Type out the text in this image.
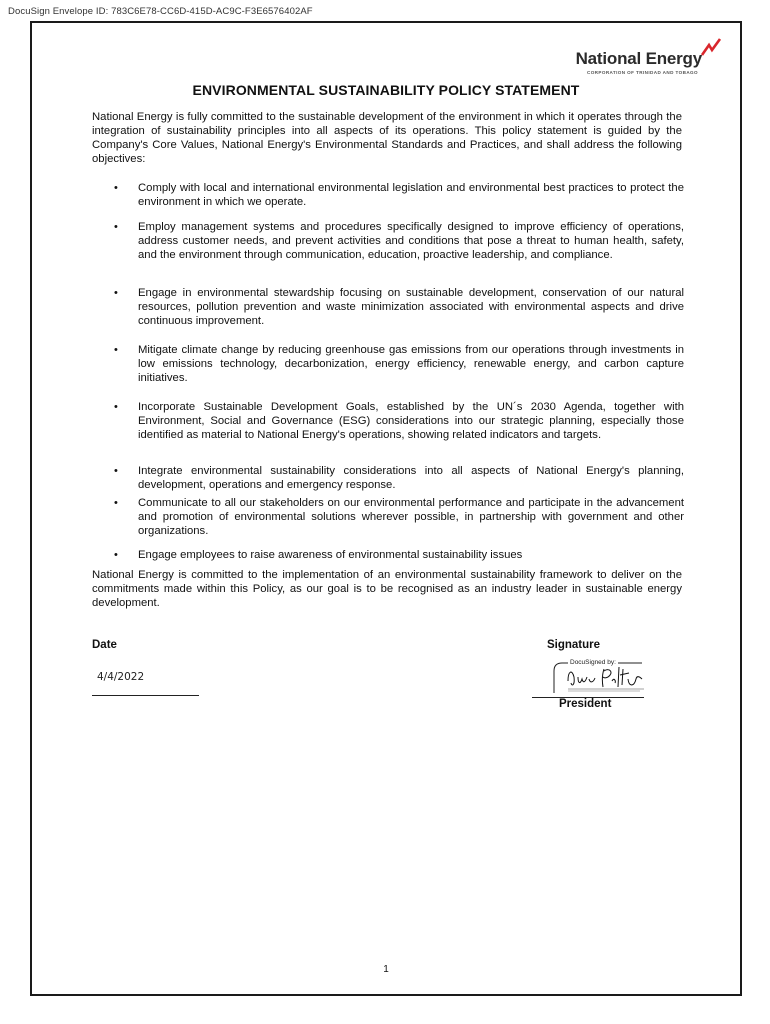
DocuSign Envelope ID: 783C6E78-CC6D-415D-AC9C-F3E6576402AF
National Energy
CORPORATION OF TRINIDAD AND TOBAGO
ENVIRONMENTAL SUSTAINABILITY POLICY STATEMENT

National Energy is fully committed to the sustainable development of the environment in which it operates through the integration of sustainability principles into all aspects of its operations. This policy statement is guided by the Company's Core Values, National Energy's Environmental Standards and Practices, and shall address the following objectives:

• Comply with local and international environmental legislation and environmental best practices to protect the environment in which we operate.
• Employ management systems and procedures specifically designed to improve efficiency of operations, address customer needs, and prevent activities and conditions that pose a threat to human health, safety, and the environment through communication, education, proactive leadership, and compliance.
• Engage in environmental stewardship focusing on sustainable development, conservation of our natural resources, pollution prevention and waste minimization associated with environmental aspects and drive continuous improvement.
• Mitigate climate change by reducing greenhouse gas emissions from our operations through investments in low emissions technology, decarbonization, energy efficiency, renewable energy, and carbon capture initiatives.
• Incorporate Sustainable Development Goals, established by the UN´s 2030 Agenda, together with Environment, Social and Governance (ESG) considerations into our strategic planning, especially those identified as material to National Energy's operations, showing related indicators and targets.
• Integrate environmental sustainability considerations into all aspects of National Energy's planning, development, operations and emergency response.
• Communicate to all our stakeholders on our environmental performance and participate in the advancement and promotion of environmental solutions wherever possible, in partnership with government and other organizations.
• Engage employees to raise awareness of environmental sustainability issues

National Energy is committed to the implementation of an environmental sustainability framework to deliver on the commitments made within this Policy, as our goal is to be recognised as an industry leader in sustainable energy development.

Date
4/4/2022
Signature
DocuSigned by:
President
1
